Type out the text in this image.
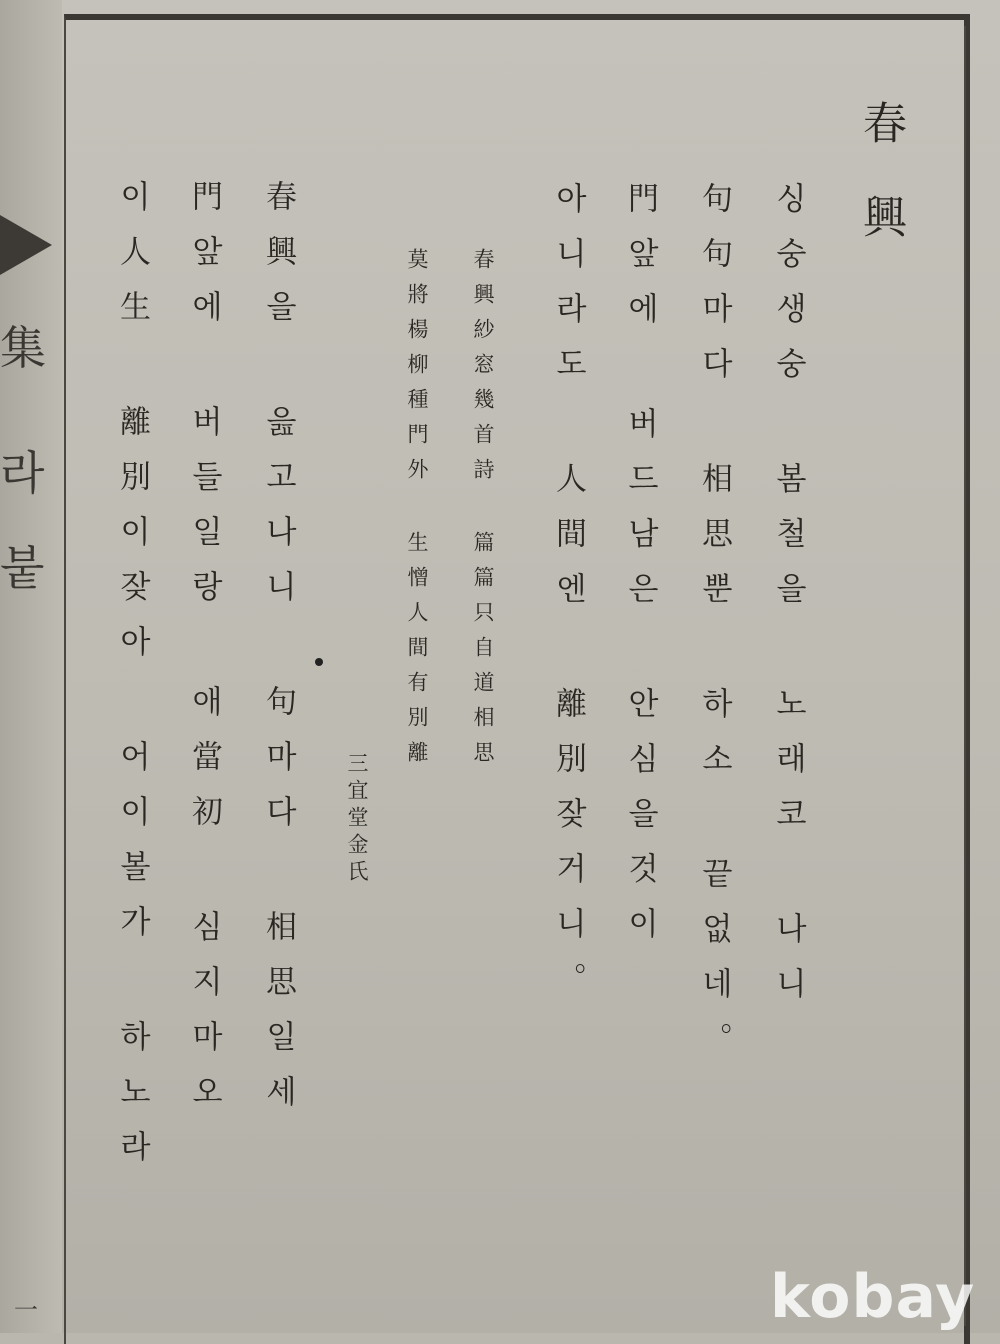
集
라
붙
一
春興
싱숭생숭 봄철을 노래코 나니
句句마다 相思뿐 하소 끝없네。
門앞에 버드남은 안심을것이
아니라도 人間엔 離別잦거니。
春興紗窓幾首詩 篇篇只自道相思
莫將楊柳種門外 生憎人間有別離
三宜堂金氏
春興을 읊고나니 句마다 相思일세
門앞에 버들일랑 애當初 심지마오
이人生 離別이잦아 어이볼가 하노라
kobay
